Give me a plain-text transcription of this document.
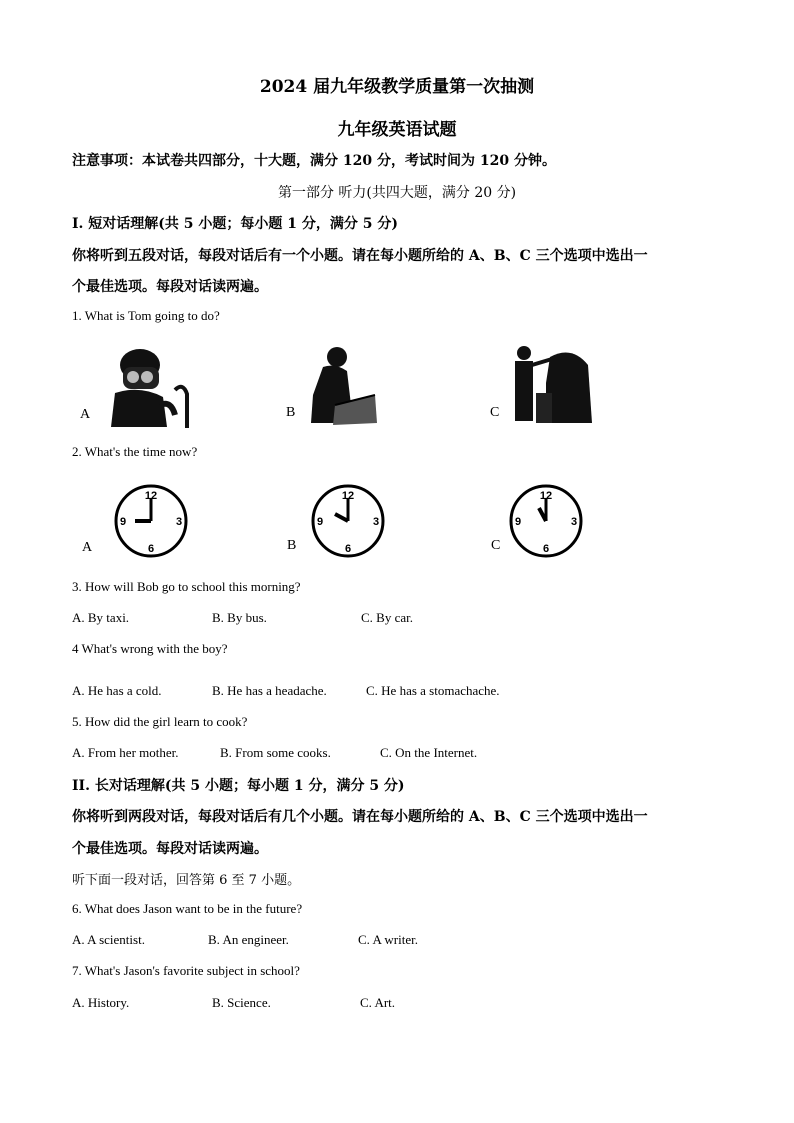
2024 届九年级教学质量第一次抽测
九年级英语试题
注意事项：本试卷共四部分，十大题，满分 120 分，考试时间为 120 分钟。
第一部分 听力(共四大题，满分 20 分)
I. 短对话理解(共 5 小题；每小题 1 分，满分 5 分)
你将听到五段对话，每段对话后有一个小题。请在每小题所给的 A、B、C 三个选项中选出一
个最佳选项。每段对话读两遍。
1. What is Tom going to do?
A	B	C
2. What's the time now?
12
3
6
9
A
12
3
6
9
B
12
3
6
9
C
3. How will Bob go to school this morning?
A. By taxi.	B. By bus.	C. By car.
4 What's wrong with the boy?
A. He has a cold.	B. He has a headache.	C. He has a stomachache.
5. How did the girl learn to cook?
A. From her mother.	B. From some cooks.	C. On the Internet.
II. 长对话理解(共 5 小题；每小题 1 分，满分 5 分)
你将听到两段对话，每段对话后有几个小题。请在每小题所给的 A、B、C 三个选项中选出一
个最佳选项。每段对话读两遍。
听下面一段对话，回答第 6 至 7 小题。
6. What does Jason want to be in the future?
A. A scientist.	B. An engineer.	C. A writer.
7. What's Jason's favorite subject in school?
A. History.	B. Science.	C. Art.
